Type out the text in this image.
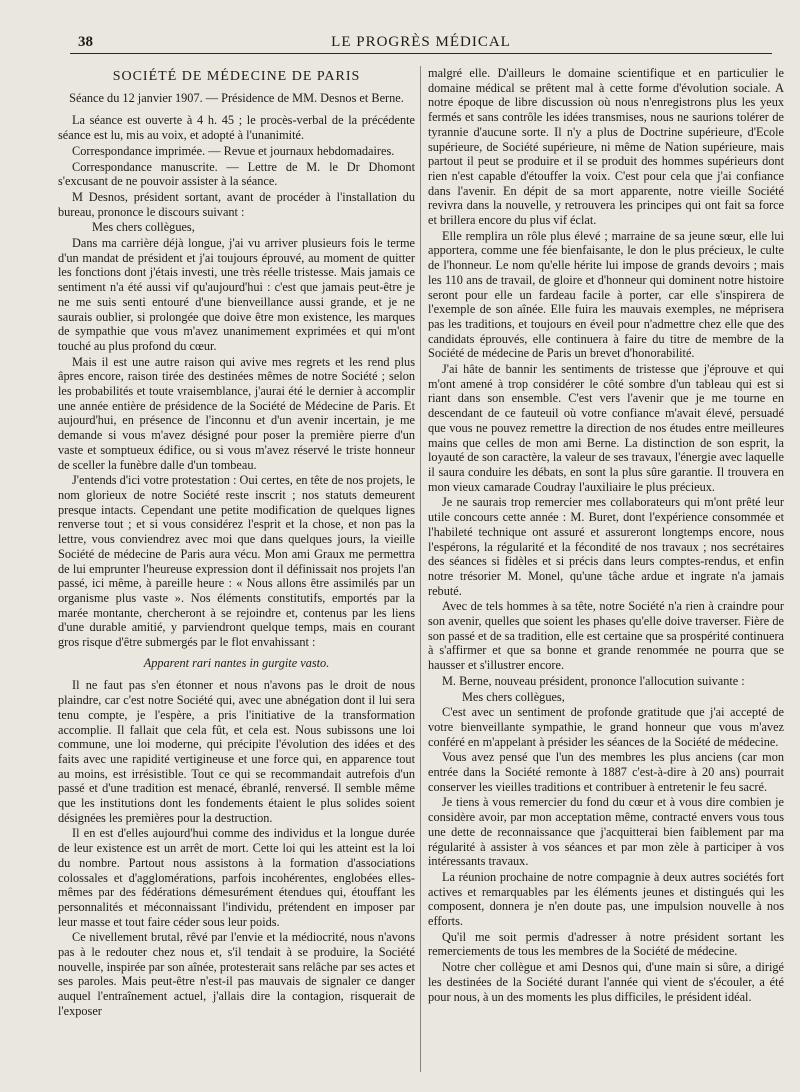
38	LE PROGRÈS MÉDICAL
SOCIÉTÉ DE MÉDECINE DE PARIS
Séance du 12 janvier 1907. — Présidence de MM. Desnos et Berne.

La séance est ouverte à 4 h. 45 ; le procès-verbal de la précédente séance est lu, mis au voix, et adopté à l'unanimité.

Correspondance imprimée. — Revue et journaux hebdomadaires.

Correspondance manuscrite. — Lettre de M. le Dr Dhomont s'excusant de ne pouvoir assister à la séance.

M Desnos, président sortant, avant de procéder à l'installation du bureau, prononce le discours suivant :

Mes chers collègues,

Dans ma carrière déjà longue, j'ai vu arriver plusieurs fois le terme d'un mandat de président et j'ai toujours éprouvé, au moment de quitter les fonctions dont j'étais investi, une très réelle tristesse. Mais jamais ce sentiment n'a été aussi vif qu'aujourd'hui : c'est que jamais peut-être je ne me suis senti entouré d'une bienveillance aussi grande, et je ne saurais oublier, si prolongée que doive être mon existence, les marques de sympathie que vous m'avez unanimement exprimées et qui m'ont touché au plus profond du cœur.

Mais il est une autre raison qui avive mes regrets et les rend plus âpres encore, raison tirée des destinées mêmes de notre Société ; selon les probabilités et toute vraisemblance, j'aurai été le dernier à accomplir une année entière de présidence de la Société de Médecine de Paris. Et aujourd'hui, en présence de l'inconnu et d'un avenir incertain, je me demande si vous m'avez désigné pour poser la première pierre d'un vaste et somptueux édifice, ou si vous m'avez réservé le triste honneur de sceller la funèbre dalle d'un tombeau.

J'entends d'ici votre protestation : Oui certes, en tête de nos projets, le nom glorieux de notre Société reste inscrit ; nos statuts demeurent presque intacts. Cependant une petite modification de quelques lignes renverse tout ; et si vous considérez l'esprit et la chose, et non pas la lettre, vous conviendrez avec moi que dans quelques jours, la vieille Société de médecine de Paris aura vécu. Mon ami Graux me permettra de lui emprunter l'heureuse expression dont il définissait nos projets l'an passé, ici même, à pareille heure : « Nous allons être assimilés par un organisme plus vaste ». Nos éléments constitutifs, emportés par la marée montante, chercheront à se rejoindre et, contenus par les liens d'une durable amitié, y parviendront quelque temps, mais en courant gros risque d'être submergés par le flot envahissant :

Apparent rari nantes in gurgite vasto.

Il ne faut pas s'en étonner et nous n'avons pas le droit de nous plaindre, car c'est notre Société qui, avec une abnégation dont il lui sera tenu compte, je l'espère, a pris l'initiative de la transformation accomplie. Il fallait que cela fût, et cela est. Nous subissons une loi commune, une loi moderne, qui précipite l'évolution des idées et des faits avec une rapidité vertigineuse et une force qui, en apparence tout au moins, est irrésistible. Tout ce qui se recommandait autrefois d'un passé et d'une tradition est menacé, ébranlé, renversé. Il semble même que les institutions dont les fondements étaient le plus solides soient désignées les premières pour la destruction.

Il en est d'elles aujourd'hui comme des individus et la longue durée de leur existence est un arrêt de mort. Cette loi qui les atteint est la loi du nombre. Partout nous assistons à la formation d'associations colossales et d'agglomérations, parfois incohérentes, englobées elles-mêmes par des fédérations démesurément étendues qui, étouffant les personnalités et méconnaissant l'individu, prétendent en imposer par leur masse et tout faire céder sous leur poids.

Ce nivellement brutal, rêvé par l'envie et la médiocrité, nous n'avons pas à le redouter chez nous et, s'il tendait à se produire, la Société nouvelle, inspirée par son aînée, protesterait sans relâche par ses actes et ses paroles. Mais peut-être n'est-il pas mauvais de signaler ce danger auquel l'entraînement actuel, j'allais dire la contagion, risquerait de l'exposer

malgré elle. D'ailleurs le domaine scientifique et en particulier le domaine médical se prêtent mal à cette forme d'évolution sociale. A notre époque de libre discussion où nous n'enregistrons plus les yeux fermés et sans contrôle les idées transmises, nous ne saurions tolérer de tyrannie d'aucune sorte. Il n'y a plus de Doctrine supérieure, d'Ecole supérieure, de Société supérieure, ni même de Nation supérieure, mais partout il peut se produire et il se produit des hommes supérieurs dont rien n'est capable d'étouffer la voix. C'est pour cela que j'ai confiance dans l'avenir. En dépit de sa mort apparente, notre vieille Société revivra dans la nouvelle, y retrouvera les principes qui ont fait sa force et brillera encore du plus vif éclat.

Elle remplira un rôle plus élevé ; marraine de sa jeune sœur, elle lui apportera, comme une fée bienfaisante, le don le plus précieux, le culte de l'honneur. Le nom qu'elle hérite lui impose de grands devoirs ; mais les 110 ans de travail, de gloire et d'honneur qui dominent notre histoire seront pour elle un fardeau facile à porter, car elle s'inspirera de l'exemple de son aînée. Elle fuira les mauvais exemples, ne méprisera pas les traditions, et toujours en éveil pour n'admettre chez elle que des candidats éprouvés, elle continuera à faire du titre de membre de la Société de médecine de Paris un brevet d'honorabilité.

J'ai hâte de bannir les sentiments de tristesse que j'éprouve et qui m'ont amené à trop considérer le côté sombre d'un tableau qui est si riant dans son ensemble. C'est vers l'avenir que je me tourne en descendant de ce fauteuil où votre confiance m'avait élevé, persuadé que vous ne pouvez remettre la direction de nos études entre meilleures mains que celles de mon ami Berne. La distinction de son esprit, la loyauté de son caractère, la valeur de ses travaux, l'énergie avec laquelle il saura conduire les débats, en sont la plus sûre garantie. Il trouvera en mon vieux camarade Coudray l'auxiliaire le plus précieux.

Je ne saurais trop remercier mes collaborateurs qui m'ont prêté leur utile concours cette année : M. Buret, dont l'expérience consommée et l'habileté technique ont assuré et assureront longtemps encore, nous l'espérons, la régularité et la fécondité de nos travaux ; nos secrétaires des séances si fidèles et si précis dans leurs comptes-rendus, et enfin notre trésorier M. Monel, qu'une tâche ardue et ingrate n'a jamais rebuté.

Avec de tels hommes à sa tête, notre Société n'a rien à craindre pour son avenir, quelles que soient les phases qu'elle doive traverser. Fière de son passé et de sa tradition, elle est certaine que sa prospérité continuera à s'affirmer et que sa bonne et grande renommée ne pourra que se hausser et s'illustrer encore.

M. Berne, nouveau président, prononce l'allocution suivante :

Mes chers collègues,

C'est avec un sentiment de profonde gratitude que j'ai accepté de votre bienveillante sympathie, le grand honneur que vous m'avez conféré en m'appelant à présider les séances de la Société de médecine.

Vous avez pensé que l'un des membres les plus anciens (car mon entrée dans la Société remonte à 1887 c'est-à-dire à 20 ans) pourrait conserver les vieilles traditions et contribuer à entretenir le feu sacré.

Je tiens à vous remercier du fond du cœur et à vous dire combien je considère avoir, par mon acceptation même, contracté envers vous tous une dette de reconnaissance que j'acquitterai bien faiblement par ma régularité à assister à vos séances et par mon zèle à participer à vos intéressants travaux.

La réunion prochaine de notre compagnie à deux autres sociétés fort actives et remarquables par les éléments jeunes et distingués qui les composent, donnera je n'en doute pas, une impulsion nouvelle à nos efforts.

Qu'il me soit permis d'adresser à notre président sortant les remerciements de tous les membres de la Société de médecine.

Notre cher collègue et ami Desnos qui, d'une main si sûre, a dirigé les destinées de la Société durant l'année qui vient de s'écouler, a été pour nous, à un des moments les plus difficiles, le président idéal.
